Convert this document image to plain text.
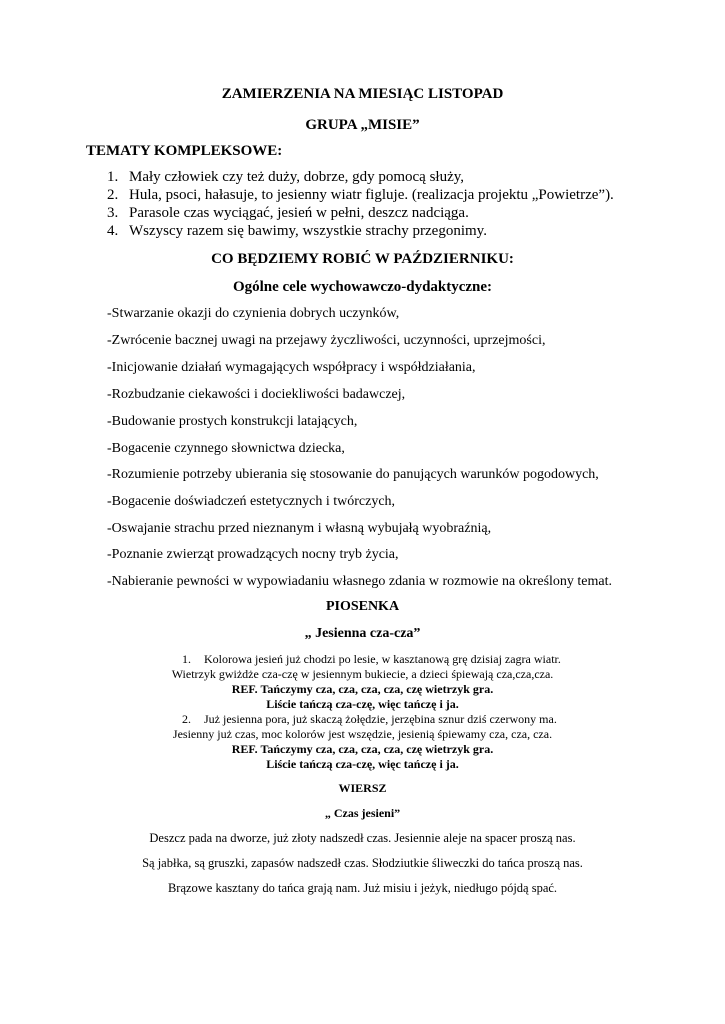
ZAMIERZENIA NA MIESIĄC LISTOPAD
GRUPA „MISIE”
TEMATY KOMPLEKSOWE:
1. Mały człowiek czy też duży, dobrze, gdy pomocą służy,
2. Hula, psoci, hałasuje, to jesienny wiatr figluje. (realizacja projektu „Powietrze”).
3. Parasole czas wyciągać, jesień w pełni, deszcz nadciąga.
4. Wszyscy razem się bawimy, wszystkie strachy przegonimy.
CO BĘDZIEMY ROBIĆ W PAŹDZIERNIKU:
Ogólne cele wychowawczo-dydaktyczne:
-Stwarzanie okazji do czynienia dobrych uczynków,
-Zwrócenie bacznej uwagi na przejawy życzliwości, uczynności, uprzejmości,
-Inicjowanie działań wymagających współpracy i współdziałania,
-Rozbudzanie ciekawości i dociekliwości badawczej,
-Budowanie prostych konstrukcji latających,
-Bogacenie czynnego słownictwa dziecka,
-Rozumienie potrzeby ubierania się stosowanie do panujących warunków pogodowych,
-Bogacenie doświadczeń estetycznych i twórczych,
-Oswajanie strachu przed nieznanym i własną wybujałą wyobraźnią,
-Poznanie zwierząt prowadzących nocny tryb życia,
-Nabieranie pewności w wypowiadaniu własnego zdania w rozmowie na określony temat.
PIOSENKA
„ Jesienna cza-cza”
1. Kolorowa jesień już chodzi po lesie, w kasztanową grę dzisiaj zagra wiatr.
Wietrzyk gwiżdże cza-czę w jesiennym bukiecie, a dzieci śpiewają cza,cza,cza.
REF. Tańczymy cza, cza, cza, cza, czę wietrzyk gra.
Liście tańczą cza-czę, więc tańczę i ja.
2. Już jesienna pora, już skaczą żołędzie, jerzębina sznur dziś czerwony ma.
Jesienny już czas, moc kolorów jest wszędzie, jesienią śpiewamy cza, cza, cza.
REF. Tańczymy cza, cza, cza, cza, czę wietrzyk gra.
Liście tańczą cza-czę, więc tańczę i ja.
WIERSZ
„ Czas jesieni”
Deszcz pada na dworze, już złoty nadszedł czas. Jesiennie aleje na spacer proszą nas.
Są jabłka, są gruszki, zapasów nadszedł czas. Słodziutkie śliweczki do tańca proszą nas.
Brązowe kasztany do tańca grają nam. Już misiu i jeżyk, niedługo pójdą spać.
